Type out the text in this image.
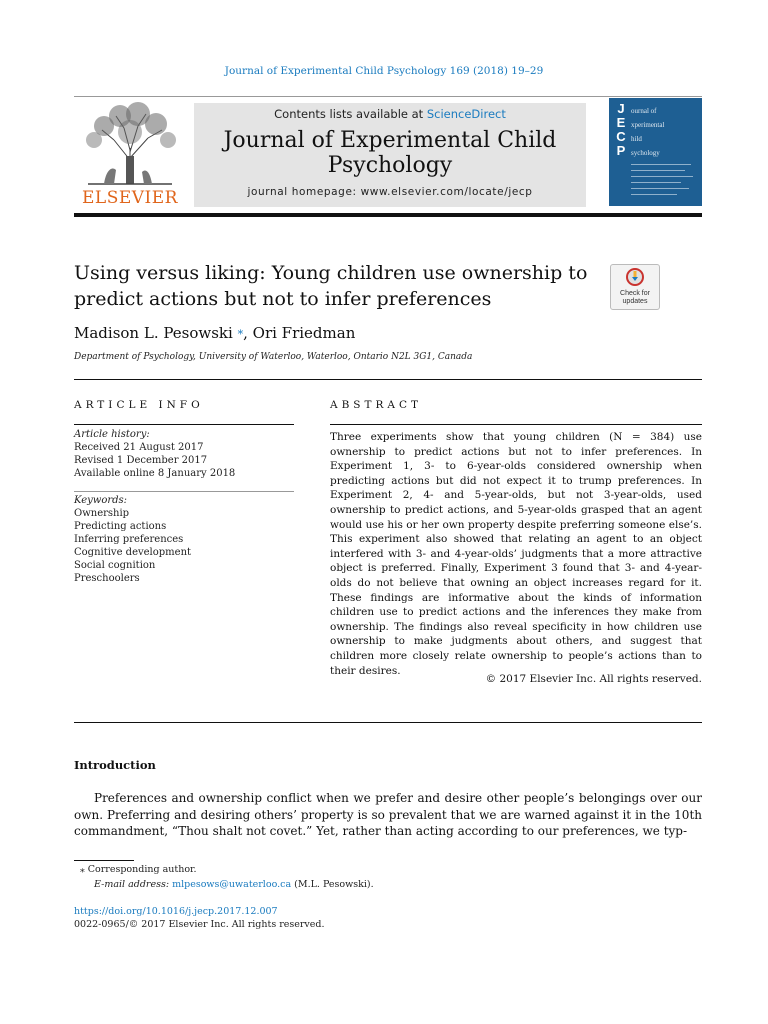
Journal of Experimental Child Psychology 169 (2018) 19–29
ELSEVIER
Contents lists available at ScienceDirect
Journal of Experimental Child Psychology
journal homepage: www.elsevier.com/locate/jecp
J
E
C
P
ournal of
xperimental
hild
sychology
Using versus liking: Young children use ownership to predict actions but not to infer preferences	Check for
updates
Madison L. Pesowski ⁎, Ori Friedman
Department of Psychology, University of Waterloo, Waterloo, Ontario N2L 3G1, Canada
ARTICLE INFO	ABSTRACT
Article history:
Received 21 August 2017
Revised 1 December 2017
Available online 8 January 2018
Keywords:
Ownership
Predicting actions
Inferring preferences
Cognitive development
Social cognition
Preschoolers
Three experiments show that young children (N = 384) use ownership to predict actions but not to infer preferences. In Experiment 1, 3- to 6-year-olds considered ownership when predicting actions but did not expect it to trump preferences. In Experiment 2, 4- and 5-year-olds, but not 3-year-olds, used ownership to predict actions, and 5-year-olds grasped that an agent would use his or her own property despite preferring someone else’s. This experiment also showed that relating an agent to an object interfered with 3- and 4-year-olds’ judgments that a more attractive object is preferred. Finally, Experiment 3 found that 3- and 4-year-olds do not believe that owning an object increases regard for it. These findings are informative about the kinds of information children use to predict actions and the inferences they make from ownership. The findings also reveal specificity in how children use ownership to make judgments about others, and suggest that children more closely relate ownership to people’s actions than to their desires.
© 2017 Elsevier Inc. All rights reserved.
Introduction
Preferences and ownership conflict when we prefer and desire other people’s belongings over our own. Preferring and desiring others’ property is so prevalent that we are warned against it in the 10th commandment, “Thou shalt not covet.” Yet, rather than acting according to our preferences, we typ-
⁎ Corresponding author.
E-mail address: mlpesows@uwaterloo.ca (M.L. Pesowski).
https://doi.org/10.1016/j.jecp.2017.12.007
0022-0965/© 2017 Elsevier Inc. All rights reserved.
